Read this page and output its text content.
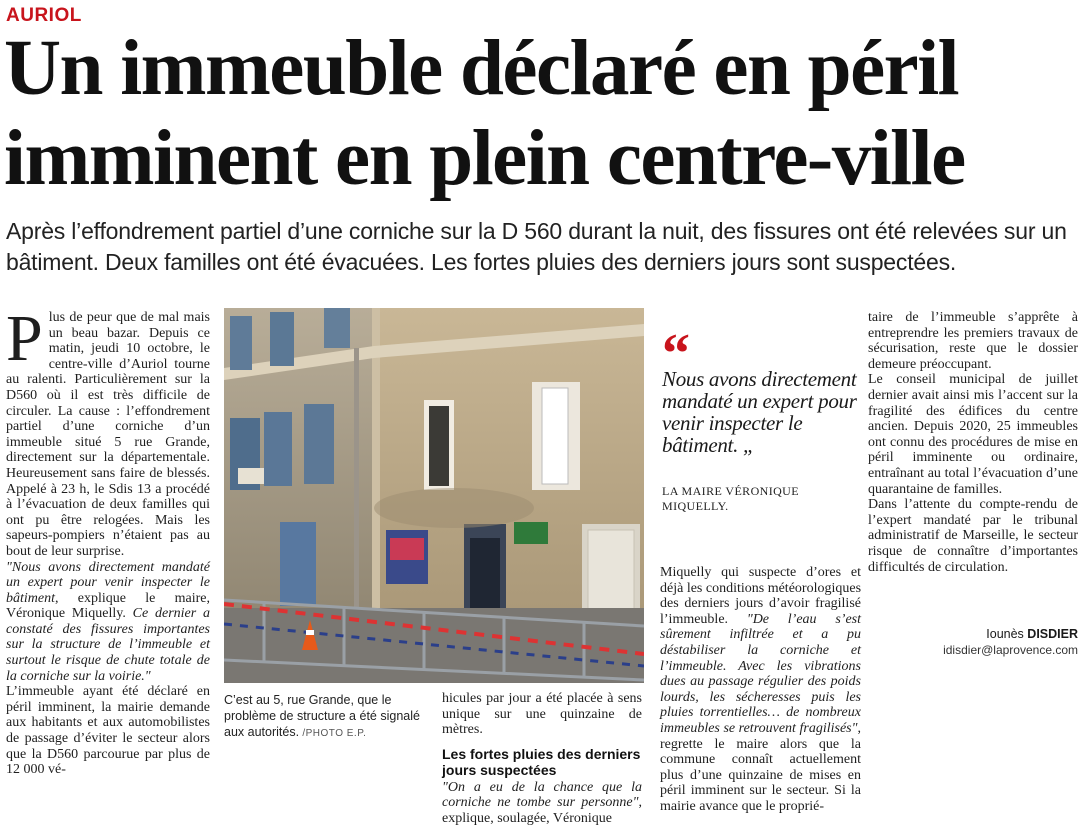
AURIOL
Un immeuble déclaré en péril
imminent en plein centre-ville
Après l’effondrement partiel d’une corniche sur la D 560 durant la nuit, des fissures ont été relevées sur un bâtiment. Deux familles ont été évacuées. Les fortes pluies des derniers jours sont suspectées.

Plus de peur que de mal mais un beau bazar. Depuis ce matin, jeudi 10 octobre, le centre-ville d’Auriol tourne au ralenti. Particulièrement sur la D560 où il est très difficile de circuler. La cause : l’effondrement partiel d’une corniche d’un immeuble situé 5 rue Grande, directement sur la départementale. Heureusement sans faire de blessés. Appelé à 23 h, le Sdis 13 a procédé à l’évacuation de deux familles qui ont pu être relogées. Mais les sapeurs-pompiers n’étaient pas au bout de leur surprise.

"Nous avons directement mandaté un expert pour venir inspecter le bâtiment, explique le maire, Véronique Miquelly. Ce dernier a constaté des fissures importantes sur la structure de l’immeuble et surtout le risque de chute totale de la corniche sur la voirie."

L’immeuble ayant été déclaré en péril imminent, la mairie demande aux habitants et aux automobilistes de passage d’éviter le secteur alors que la D560 parcourue par plus de 12 000 vé-

C’est au 5, rue Grande, que le problème de structure a été signalé aux autorités. /PHOTO E.P.

hicules par jour a été placée à sens unique sur une quinzaine de mètres.

Les fortes pluies des derniers jours suspectées

"On a eu de la chance que la corniche ne tombe sur personne", explique, soulagée, Véronique

“
Nous avons directement mandaté un expert pour venir inspecter le bâtiment. „
LA MAIRE VÉRONIQUE MIQUELLY.

Miquelly qui suspecte d’ores et déjà les conditions météorologiques des derniers jours d’avoir fragilisé l’immeuble. "De l’eau s’est sûrement infiltrée et a pu déstabiliser la corniche et l’immeuble. Avec les vibrations dues au passage régulier des poids lourds, les sécheresses puis les pluies torrentielles… de nombreux immeubles se retrouvent fragilisés", regrette le maire alors que la commune connaît actuellement plus d’une quinzaine de mises en péril imminent sur le secteur. Si la mairie avance que le proprié-

taire de l’immeuble s’apprête à entreprendre les premiers travaux de sécurisation, reste que le dossier demeure préoccupant.

Le conseil municipal de juillet dernier avait ainsi mis l’accent sur la fragilité des édifices du centre ancien. Depuis 2020, 25 immeubles ont connu des procédures de mise en péril imminente ou ordinaire, entraînant au total l’évacuation d’une quarantaine de familles.

Dans l’attente du compte-rendu de l’expert mandaté par le tribunal administratif de Marseille, le secteur risque de connaître d’importantes difficultés de circulation.

Iounès DISDIER
idisdier@laprovence.com
